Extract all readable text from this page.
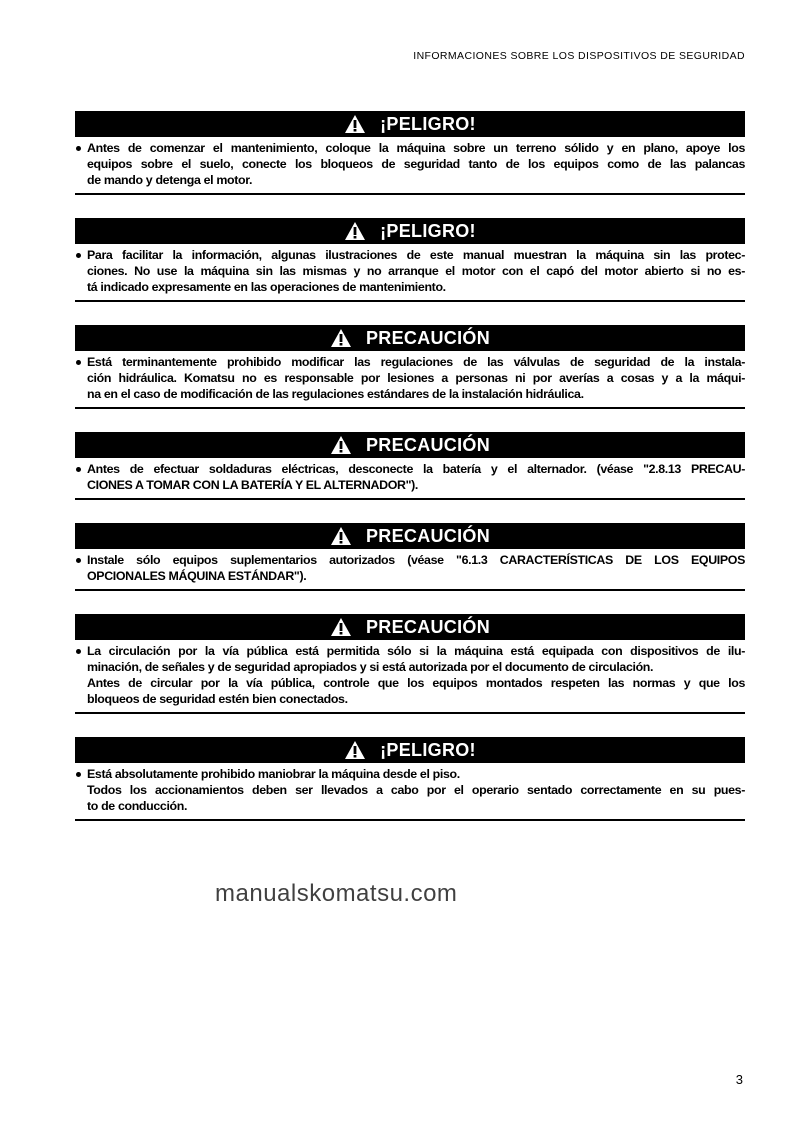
INFORMACIONES SOBRE LOS DISPOSITIVOS DE SEGURIDAD
¡PELIGRO!
Antes de comenzar el mantenimiento, coloque la máquina sobre un terreno sólido y en plano, apoye los
equipos sobre el suelo, conecte los bloqueos de seguridad tanto de los equipos como de las palancas
de mando y detenga el motor.
¡PELIGRO!
Para facilitar la información, algunas ilustraciones de este manual muestran la máquina sin las protec-
ciones. No use la máquina sin las mismas y no arranque el motor con el capó del motor abierto si no es-
tá indicado expresamente en las operaciones de mantenimiento.
PRECAUCIÓN
Está terminantemente prohibido modificar las regulaciones de las válvulas de seguridad de la instala-
ción hidráulica. Komatsu no es responsable por lesiones a personas ni por averías a cosas y a la máqui-
na en el caso de modificación de las regulaciones estándares de la instalación hidráulica.
PRECAUCIÓN
Antes de efectuar soldaduras eléctricas, desconecte la batería y el alternador. (véase "2.8.13 PRECAU-
CIONES A TOMAR CON LA BATERÍA Y EL ALTERNADOR").
PRECAUCIÓN
Instale sólo equipos suplementarios autorizados (véase "6.1.3 CARACTERÍSTICAS DE LOS EQUIPOS
OPCIONALES MÁQUINA ESTÁNDAR").
PRECAUCIÓN
La circulación por la vía pública está permitida sólo si la máquina está equipada con dispositivos de ilu-
minación, de señales y de seguridad apropiados y si está autorizada por el documento de circulación.
Antes de circular por la vía pública, controle que los equipos montados respeten las normas y que los
bloqueos de seguridad estén bien conectados.
¡PELIGRO!
Está absolutamente prohibido maniobrar la máquina desde el piso.
Todos los accionamientos deben ser llevados a cabo por el operario sentado correctamente en su pues-
to de conducción.
manualskomatsu.com
3
